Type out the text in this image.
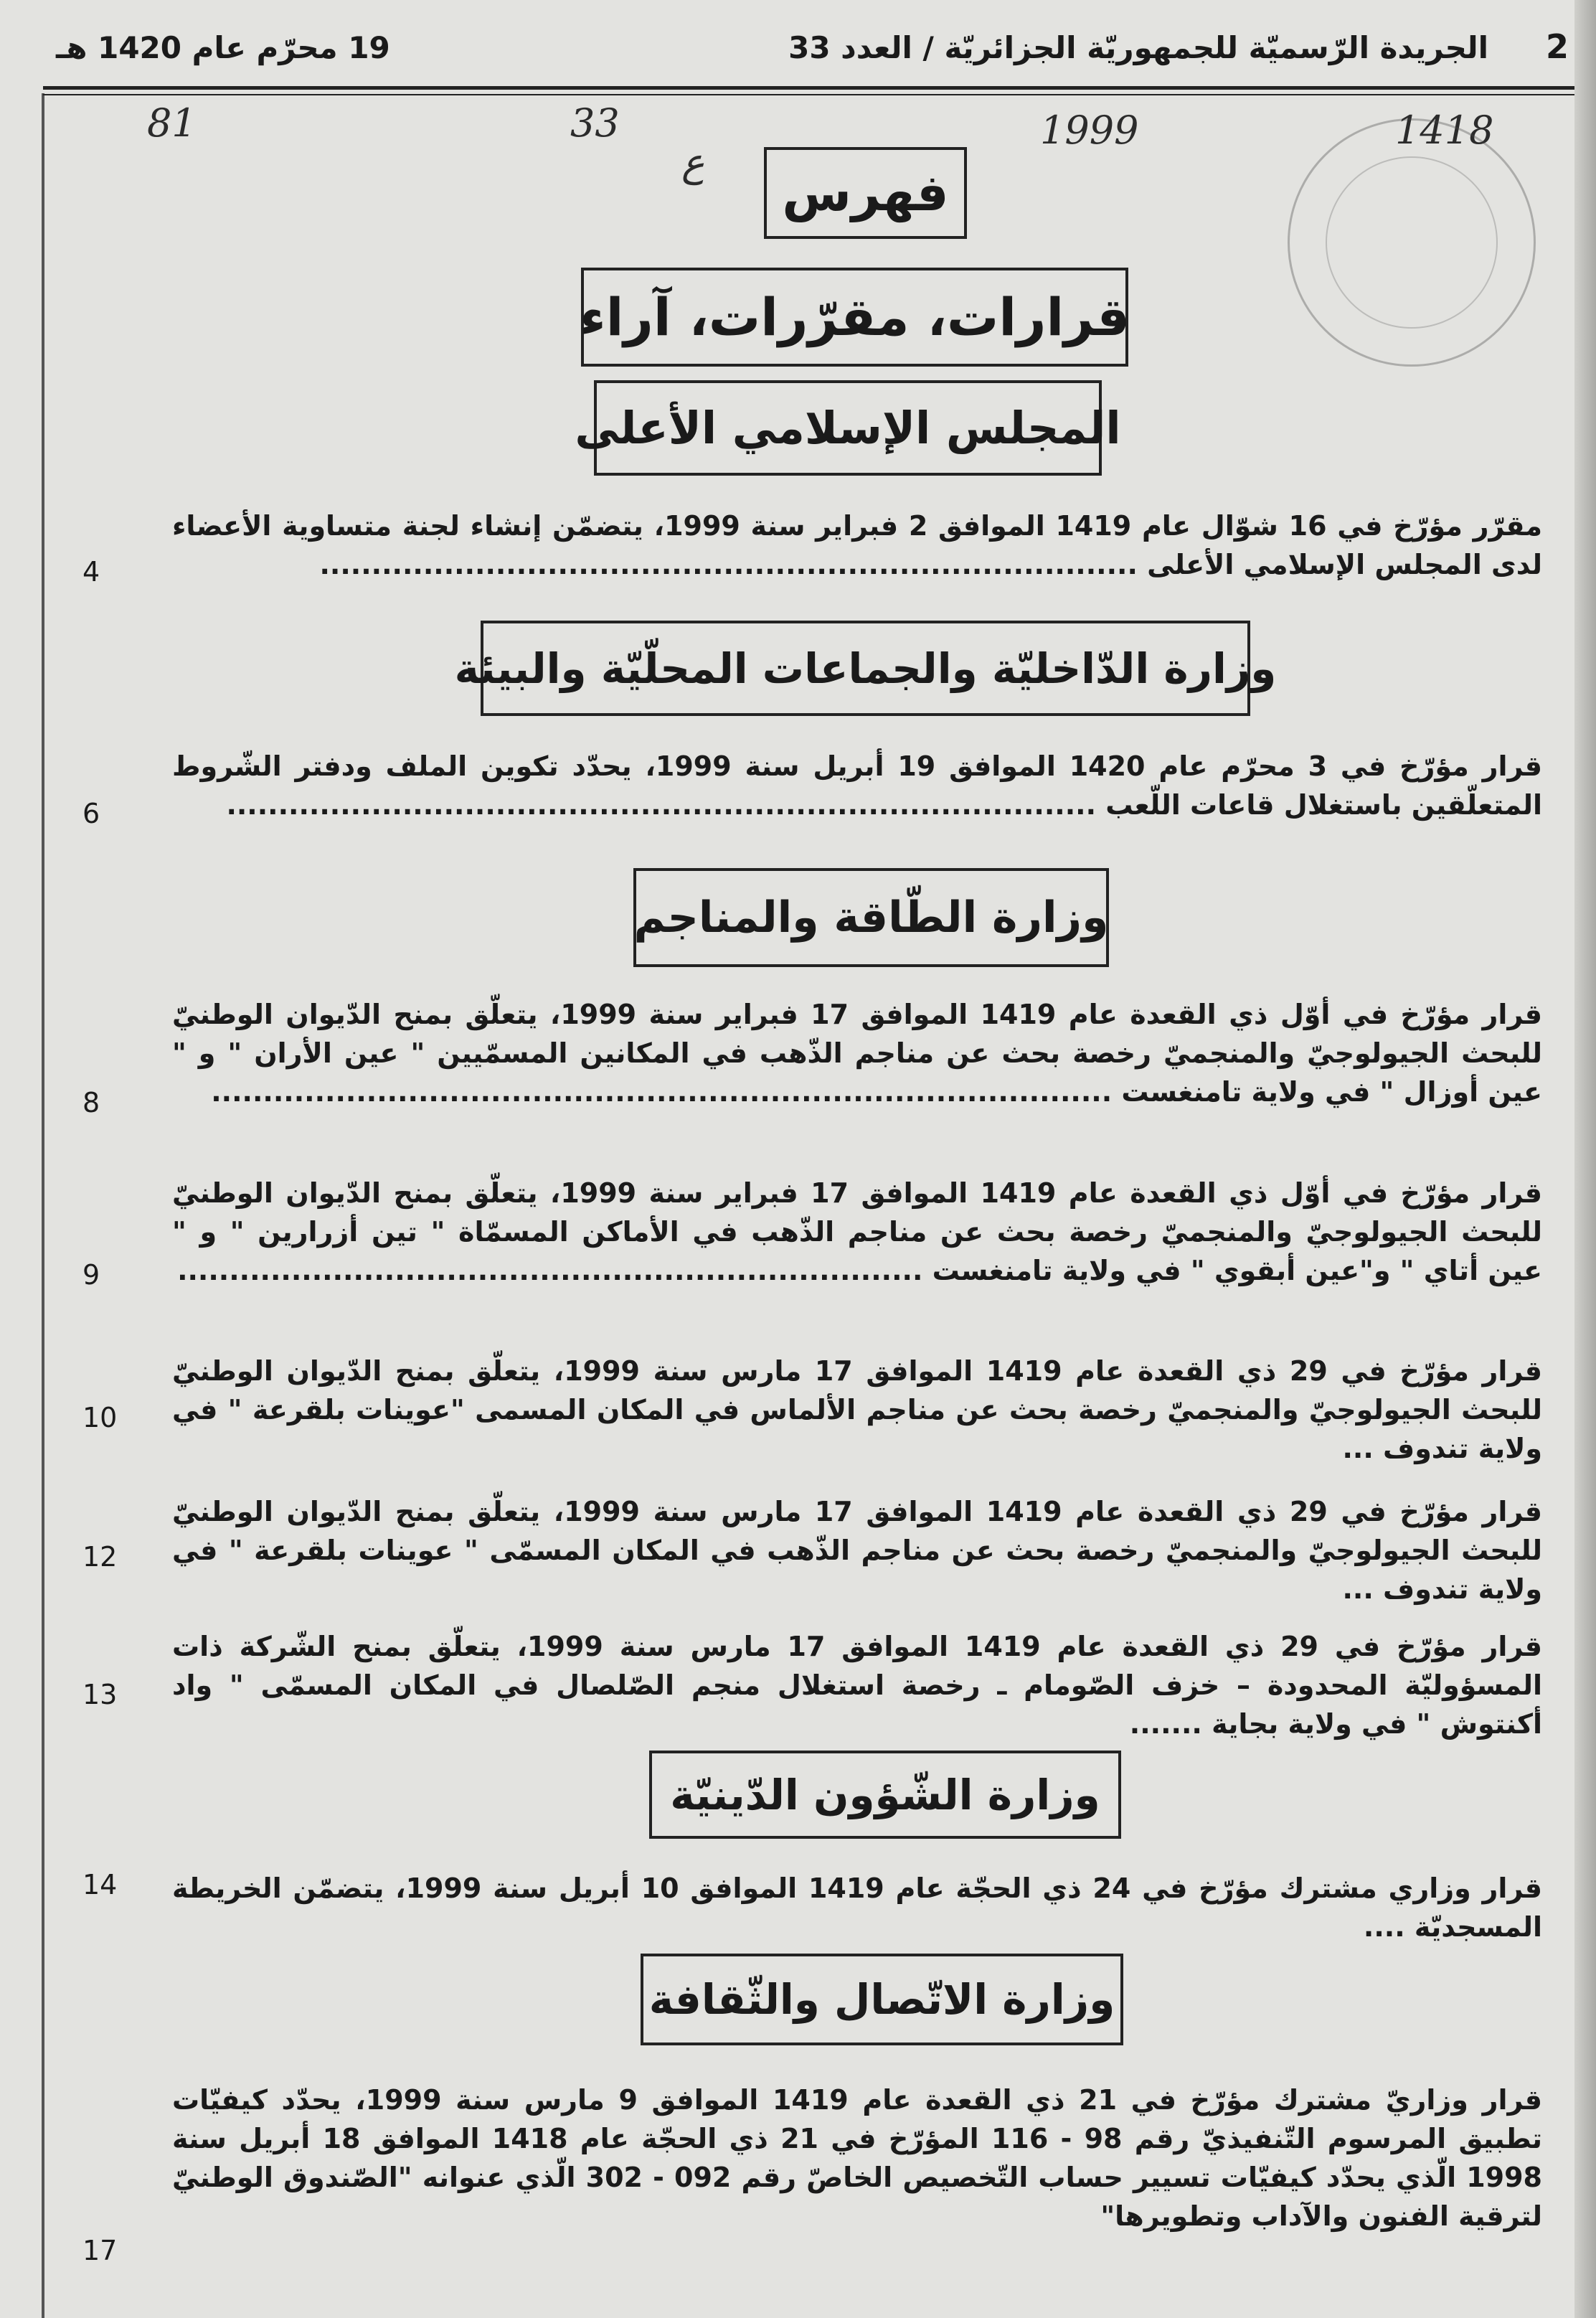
2
الجريدة الرّسميّة للجمهوريّة الجزائريّة / العدد 33
19 محرّم عام 1420 هـ
81	33
ع
1999	1418
فهرس
قرارات، مقرّرات، آراء
المجلس الإسلامي الأعلى
وزارة الدّاخليّة والجماعات المحلّيّة والبيئة
وزارة الطّاقة والمناجم
وزارة الشّؤون الدّينيّة
وزارة الاتّصال والثّقافة
مقرّر مؤرّخ في 16 شوّال عام 1419 الموافق 2 فبراير سنة 1999، يتضمّن إنشاء لجنة متساوية الأعضاء لدى المجلس الإسلامي الأعلى ...............................................................................
4
قرار مؤرّخ في 3 محرّم عام 1420 الموافق 19 أبريل سنة 1999، يحدّد تكوين الملف ودفتر الشّروط المتعلّقين باستغلال قاعات اللّعب ....................................................................................
6
قرار مؤرّخ في أوّل ذي القعدة عام 1419 الموافق 17 فبراير سنة 1999، يتعلّق بمنح الدّيوان الوطنيّ للبحث الجيولوجيّ والمنجميّ رخصة بحث عن مناجم الذّهب في المكانين المسمّيين " عين الأران " و " عين أوزال " في ولاية تامنغست .......................................................................................
8
قرار مؤرّخ في أوّل ذي القعدة عام 1419 الموافق 17 فبراير سنة 1999، يتعلّق بمنح الدّيوان الوطنيّ للبحث الجيولوجيّ والمنجميّ رخصة بحث عن مناجم الذّهب في الأماكن المسمّاة " تين أزرارين " و " عين أتاي " و"عين أبقوي " في ولاية تامنغست ........................................................................
9
قرار مؤرّخ في 29 ذي القعدة عام 1419 الموافق 17 مارس سنة 1999، يتعلّق بمنح الدّيوان الوطنيّ للبحث الجيولوجيّ والمنجميّ رخصة بحث عن مناجم الألماس في المكان المسمى "عوينات بلقرعة " في ولاية تندوف ...
10
قرار مؤرّخ في 29 ذي القعدة عام 1419 الموافق 17 مارس سنة 1999، يتعلّق بمنح الدّيوان الوطنيّ للبحث الجيولوجيّ والمنجميّ رخصة بحث عن مناجم الذّهب في المكان المسمّى " عوينات بلقرعة " في ولاية تندوف ...
12
قرار مؤرّخ في 29 ذي القعدة عام 1419 الموافق 17 مارس سنة 1999، يتعلّق بمنح الشّركة ذات المسؤوليّة المحدودة – خزف الصّومام ـ رخصة استغلال منجم الصّلصال في المكان المسمّى " واد أكنتوش " في ولاية بجاية .......
13
قرار وزاري مشترك مؤرّخ في 24 ذي الحجّة عام 1419 الموافق 10 أبريل سنة 1999، يتضمّن الخريطة المسجديّة ....
14
قرار وزاريّ مشترك مؤرّخ في 21 ذي القعدة عام 1419 الموافق 9 مارس سنة 1999، يحدّد كيفيّات تطبيق المرسوم التّنفيذيّ رقم 98 - 116 المؤرّخ في 21 ذي الحجّة عام 1418 الموافق 18 أبريل سنة 1998 الّذي يحدّد كيفيّات تسيير حساب التّخصيص الخاصّ رقم 092 - 302 الّذي عنوانه "الصّندوق الوطنيّ لترقية الفنون والآداب وتطويرها"
17
